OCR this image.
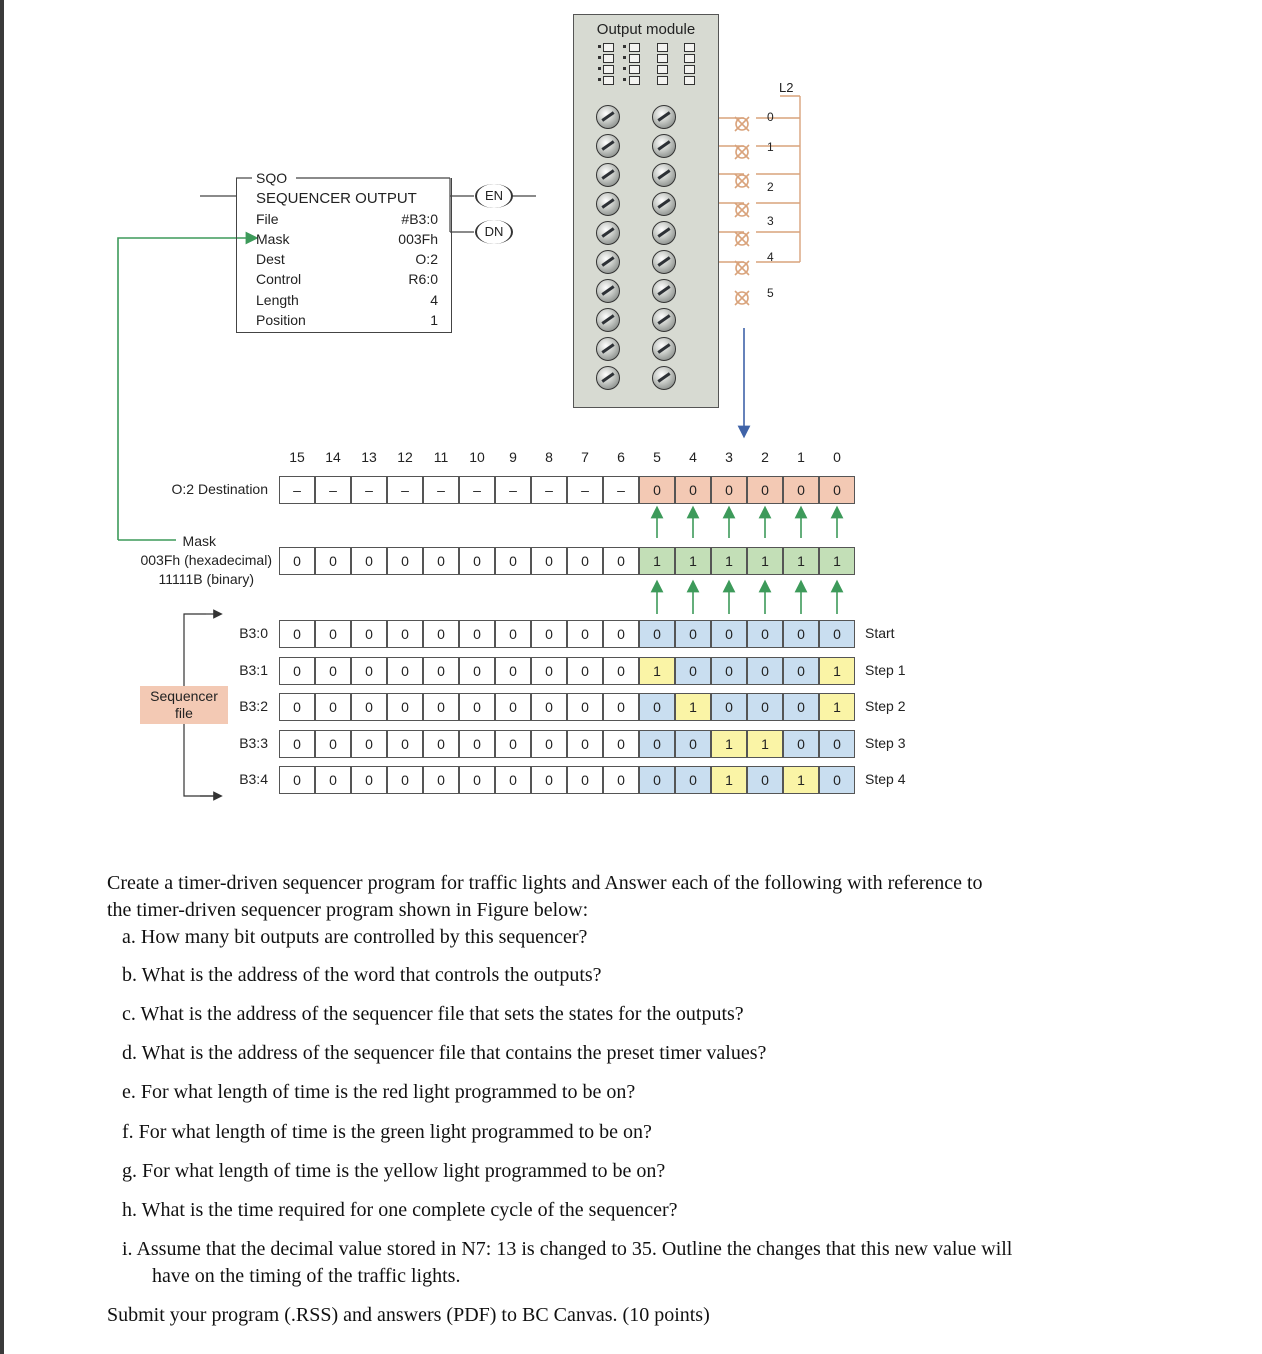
SQO
SEQUENCER OUTPUT
File	#B3:0
Mask	003Fh
Dest	O:2
Control	R6:0
Length	4
Position	1
EN
DN
Output module
L2
0
1
2
3
4
5
O:2 Destination
Mask
003Fh (hexadecimal)
11111B (binary)
Sequencer file
15	14	13	12	11	10	9	8	7	6	5	4	3	2	1	0
–	–	–	–	–	–	–	–	–	–	0	0	0	0	0	0
0	0	0	0	0	0	0	0	0	0	1	1	1	1	1	1
B3:0	0	0	0	0	0	0	0	0	0	0	0	0	0	0	0	0	Start
B3:1	0	0	0	0	0	0	0	0	0	0	1	0	0	0	0	1	Step 1
B3:2	0	0	0	0	0	0	0	0	0	0	0	1	0	0	0	1	Step 2
B3:3	0	0	0	0	0	0	0	0	0	0	0	0	1	1	0	0	Step 3
B3:4	0	0	0	0	0	0	0	0	0	0	0	0	1	0	1	0	Step 4
Create a timer-driven sequencer program for traffic lights and Answer each of the following with reference to
the timer-driven sequencer program shown in Figure below:
a. How many bit outputs are controlled by this sequencer?
b. What is the address of the word that controls the outputs?
c. What is the address of the sequencer file that sets the states for the outputs?
d. What is the address of the sequencer file that contains the preset timer values?
e. For what length of time is the red light programmed to be on?
f. For what length of time is the green light programmed to be on?
g. For what length of time is the yellow light programmed to be on?
h. What is the time required for one complete cycle of the sequencer?
i. Assume that the decimal value stored in N7: 13 is changed to 35. Outline the changes that this new value will
have on the timing of the traffic lights.
Submit your program (.RSS) and answers (PDF) to BC Canvas. (10 points)
